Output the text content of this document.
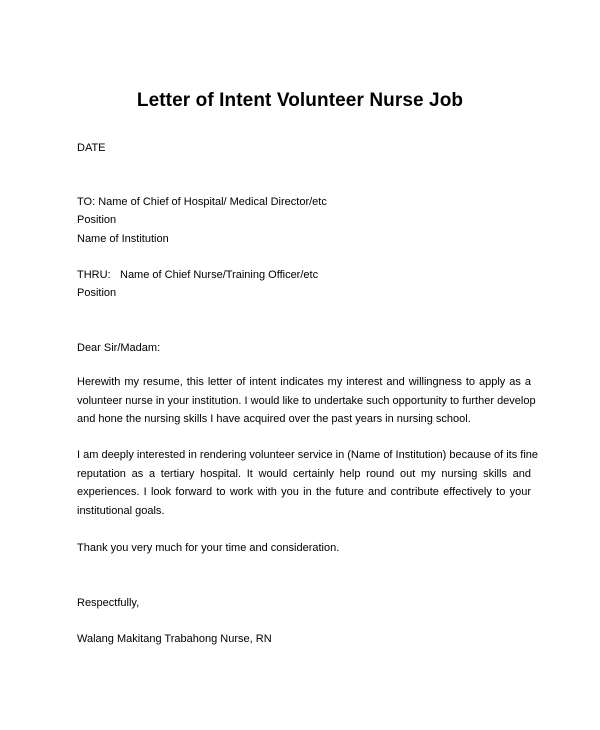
Letter of Intent Volunteer Nurse Job
DATE
TO: Name of Chief of Hospital/ Medical Director/etc
Position
Name of Institution
THRU: Name of Chief Nurse/Training Officer/etc
Position
Dear Sir/Madam:
Herewith my resume, this letter of intent indicates my interest and willingness to apply as a
volunteer nurse in your institution. I would like to undertake such opportunity to further develop
and hone the nursing skills I have acquired over the past years in nursing school.
I am deeply interested in rendering volunteer service in (Name of Institution) because of its fine
reputation as a tertiary hospital. It would certainly help round out my nursing skills and
experiences. I look forward to work with you in the future and contribute effectively to your
institutional goals.
Thank you very much for your time and consideration.
Respectfully,
Walang Makitang Trabahong Nurse, RN
